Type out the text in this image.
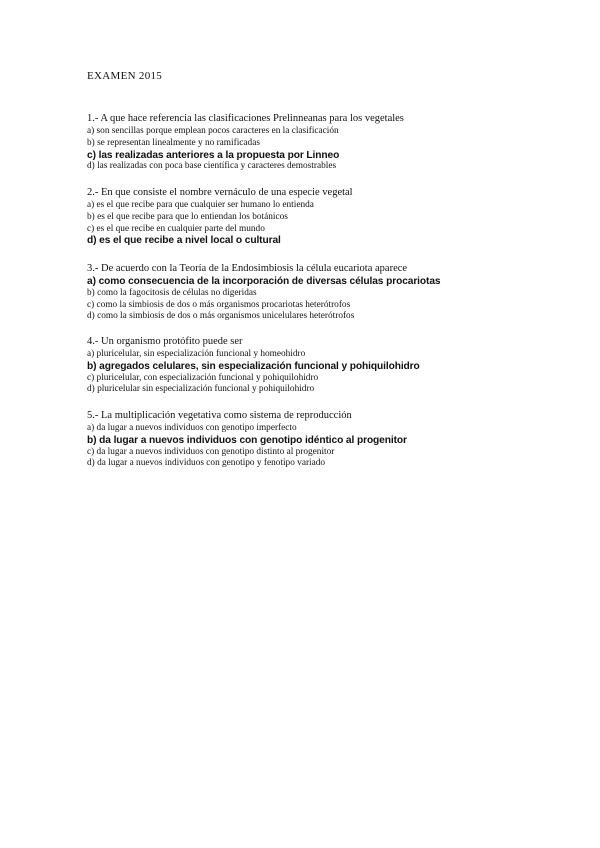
EXAMEN 2015
1.- A que hace referencia las clasificaciones Prelinneanas para los vegetales
a) son sencillas porque emplean pocos caracteres en la clasificación
b) se representan linealmente y no ramificadas
c) las realizadas anteriores a la propuesta por Linneo
d) las realizadas con poca base científica y caracteres demostrables
2.- En que consiste el nombre vernáculo de una especie vegetal
a) es el que recibe para que cualquier ser humano lo entienda
b) es el que recibe para que lo entiendan los botánicos
c) es el que recibe en cualquier parte del mundo
d) es el que recibe a nivel local o cultural
3.- De acuerdo con la Teoría de la Endosimbiosis la célula eucariota aparece
a) como consecuencia de la incorporación de diversas células procariotas
b) como la fagocitosis de células no digeridas
c) como la simbiosis de dos o más organismos procariotas heterótrofos
d) como la simbiosis de dos o más organismos unicelulares heterótrofos
4.- Un organismo protófito puede ser
a) pluricelular, sin especialización funcional y homeohidro
b) agregados celulares, sin especialización funcional y pohiquilohidro
c) pluricelular, con especialización funcional y pohiquilohidro
d) pluricelular sin especialización funcional y pohiquilohidro
5.- La multiplicación vegetativa como sistema de reproducción
a) da lugar a nuevos individuos con genotipo imperfecto
b) da lugar a nuevos individuos con genotipo idéntico al progenitor
c) da lugar a nuevos individuos con genotipo distinto al progenitor
d) da lugar a nuevos individuos con genotipo y fenotipo variado
